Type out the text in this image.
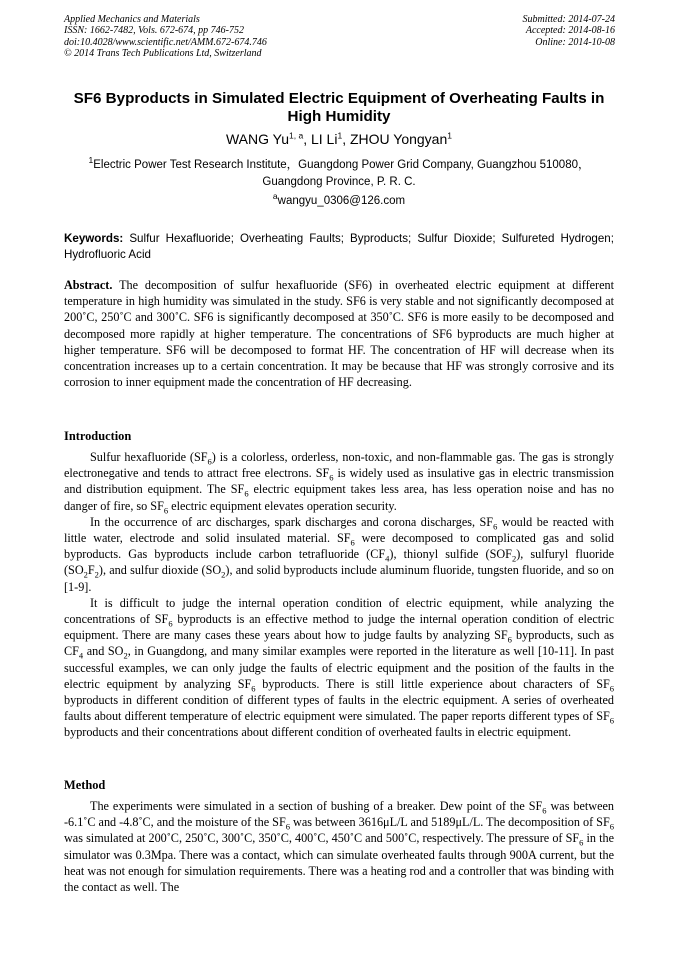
Applied Mechanics and Materials
ISSN: 1662-7482, Vols. 672-674, pp 746-752
doi:10.4028/www.scientific.net/AMM.672-674.746
© 2014 Trans Tech Publications Ltd, Switzerland
Submitted: 2014-07-24
Accepted: 2014-08-16
Online: 2014-10-08
SF6 Byproducts in Simulated Electric Equipment of Overheating Faults in High Humidity
WANG Yu$^{1, a}$, LI Li$^1$, ZHOU Yongyan$^1$
$^1$Electric Power Test Research Institute，Guangdong Power Grid Company, Guangzhou 510080，
Guangdong Province, P. R. C.
$^a$wangyu_0306@126.com

Keywords: Sulfur Hexafluoride; Overheating Faults; Byproducts; Sulfur Dioxide; Sulfureted Hydrogen; Hydrofluoric Acid

Abstract. The decomposition of sulfur hexafluoride (SF6) in overheated electric equipment at different temperature in high humidity was simulated in the study. SF6 is very stable and not significantly decomposed at 200˚C, 250˚C and 300˚C. SF6 is significantly decomposed at 350˚C. SF6 is more easily to be decomposed and decomposed more rapidly at higher temperature. The concentrations of SF6 byproducts are much higher at higher temperature. SF6 will be decomposed to format HF. The concentration of HF will decrease when its concentration increases up to a certain concentration. It may be because that HF was strongly corrosive and its corrosion to inner equipment made the concentration of HF decreasing.

Introduction

Sulfur hexafluoride $(SF_6)$ is a colorless, orderless, non-toxic, and non-flammable gas. The gas is strongly electronegative and tends to attract free electrons. $SF_6$ is widely used as insulative gas in electric transmission and distribution equipment. The $SF_6$ electric equipment takes less area, has less operation noise and has no danger of fire, so $SF_6$ electric equipment elevates operation security.

In the occurrence of arc discharges, spark discharges and corona discharges, $SF_6$ would be reacted with little water, electrode and solid insulated material. $SF_6$ were decomposed to complicated gas and solid byproducts. Gas byproducts include carbon tetrafluoride $(CF_4)$, thionyl sulfide $(SOF_2)$, sulfuryl fluoride $(SO_2F_2)$, and sulfur dioxide $(SO_2)$, and solid byproducts include aluminum fluoride, tungsten fluoride, and so on [1-9].

It is difficult to judge the internal operation condition of electric equipment, while analyzing the concentrations of $SF_6$ byproducts is an effective method to judge the internal operation condition of electric equipment. There are many cases these years about how to judge faults by analyzing $SF_6$ byproducts, such as $CF_4$ and $SO_2$, in Guangdong, and many similar examples were reported in the literature as well [10-11]. In past successful examples, we can only judge the faults of electric equipment and the position of the faults in the electric equipment by analyzing $SF_6$ byproducts. There is still little experience about characters of $SF_6$ byproducts in different condition of different types of faults in the electric equipment. A series of overheated faults about different temperature of electric equipment were simulated. The paper reports different types of $SF_6$ byproducts and their concentrations about different condition of overheated faults in electric equipment.

Method

The experiments were simulated in a section of bushing of a breaker. Dew point of the $SF_6$ was between -6.1˚C and -4.8˚C, and the moisture of the $SF_6$ was between 3616μL/L and 5189μL/L. The decomposition of $SF_6$ was simulated at 200˚C, 250˚C, 300˚C, 350˚C, 400˚C, 450˚C and 500˚C, respectively. The pressure of $SF_6$ in the simulator was 0.3Mpa. There was a contact, which can simulate overheated faults through 900A current, but the heat was not enough for simulation requirements. There was a heating rod and a controller that was binding with the contact as well. The
